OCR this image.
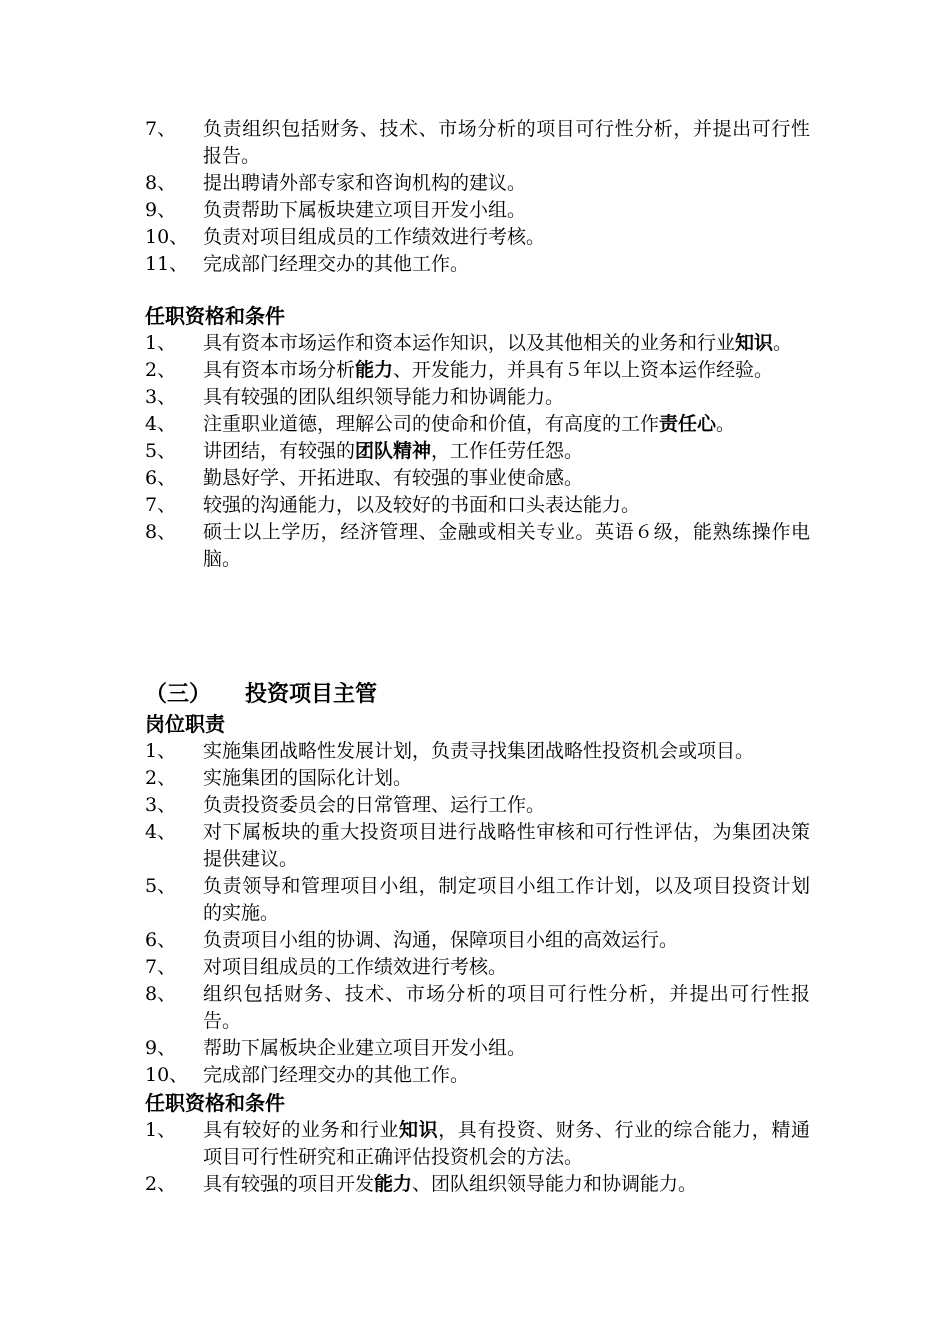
7、 负责组织包括财务、技术、市场分析的项目可行性分析，并提出可行性报告。
8、 提出聘请外部专家和咨询机构的建议。
9、 负责帮助下属板块建立项目开发小组。
10、 负责对项目组成员的工作绩效进行考核。
11、 完成部门经理交办的其他工作。
任职资格和条件
1、 具有资本市场运作和资本运作知识，以及其他相关的业务和行业知识。
2、 具有资本市场分析能力、开发能力，并具有５年以上资本运作经验。
3、 具有较强的团队组织领导能力和协调能力。
4、 注重职业道德，理解公司的使命和价值，有高度的工作责任心。
5、 讲团结，有较强的团队精神，工作任劳任怨。
6、 勤恳好学、开拓进取、有较强的事业使命感。
7、 较强的沟通能力，以及较好的书面和口头表达能力。
8、 硕士以上学历，经济管理、金融或相关专业。英语６级，能熟练操作电脑。
（三） 投资项目主管
岗位职责
1、 实施集团战略性发展计划，负责寻找集团战略性投资机会或项目。
2、 实施集团的国际化计划。
3、 负责投资委员会的日常管理、运行工作。
4、 对下属板块的重大投资项目进行战略性审核和可行性评估，为集团决策提供建议。
5、 负责领导和管理项目小组，制定项目小组工作计划，以及项目投资计划的实施。
6、 负责项目小组的协调、沟通，保障项目小组的高效运行。
7、 对项目组成员的工作绩效进行考核。
8、 组织包括财务、技术、市场分析的项目可行性分析，并提出可行性报告。
9、 帮助下属板块企业建立项目开发小组。
10、 完成部门经理交办的其他工作。
任职资格和条件
1、 具有较好的业务和行业知识，具有投资、财务、行业的综合能力，精通项目可行性研究和正确评估投资机会的方法。
2、 具有较强的项目开发能力、团队组织领导能力和协调能力。
